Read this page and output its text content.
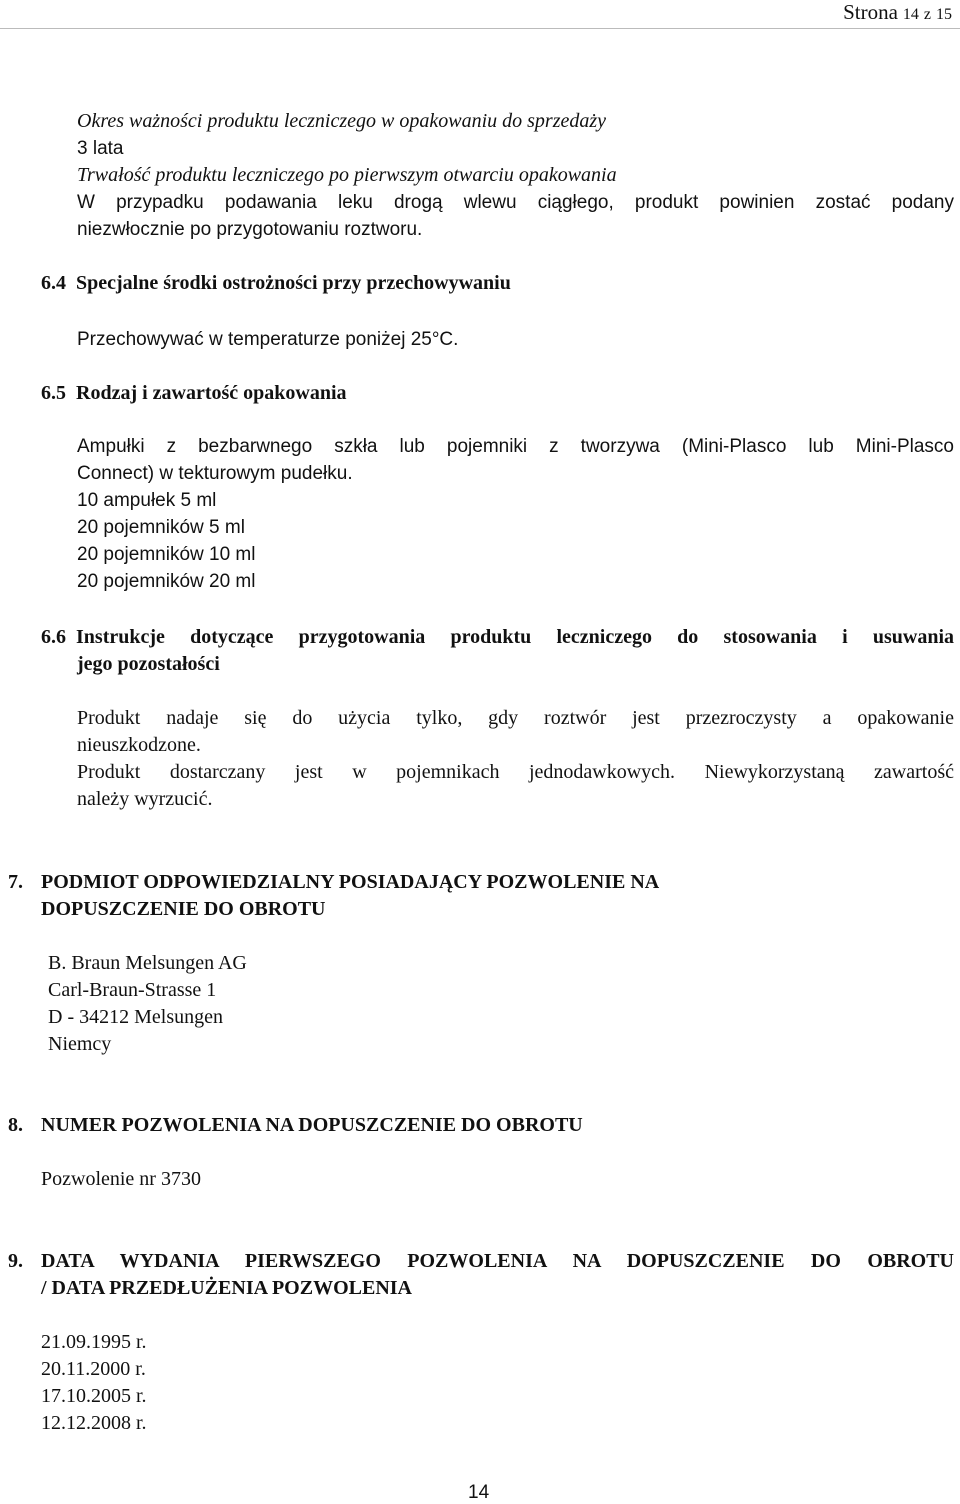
Strona 14 z 15
Okres ważności produktu leczniczego w opakowaniu do sprzedaży
3 lata
Trwałość produktu leczniczego po pierwszym otwarciu opakowania
W przypadku podawania leku drogą wlewu ciągłego, produkt powinien zostać podany
niezwłocznie po przygotowaniu roztworu.
6.4 Specjalne środki ostrożności przy przechowywaniu
Przechowywać w temperaturze poniżej 25°C.
6.5 Rodzaj i zawartość opakowania
Ampułki z bezbarwnego szkła lub pojemniki z tworzywa (Mini-Plasco lub Mini-Plasco
Connect) w tekturowym pudełku.
10 ampułek 5 ml
20 pojemników 5 ml
20 pojemników 10 ml
20 pojemników 20 ml
6.6 Instrukcje dotyczące przygotowania produktu leczniczego do stosowania i usuwania
jego pozostałości
Produkt nadaje się do użycia tylko, gdy roztwór jest przezroczysty a opakowanie
nieuszkodzone.
Produkt dostarczany jest w pojemnikach jednodawkowych. Niewykorzystaną zawartość
należy wyrzucić.
7. PODMIOT ODPOWIEDZIALNY POSIADAJĄCY POZWOLENIE NA
DOPUSZCZENIE DO OBROTU
B. Braun Melsungen AG
Carl-Braun-Strasse 1
D - 34212 Melsungen
Niemcy
8. NUMER POZWOLENIA NA DOPUSZCZENIE DO OBROTU
Pozwolenie nr 3730
9. DATA WYDANIA PIERWSZEGO POZWOLENIA NA DOPUSZCZENIE DO OBROTU
/ DATA PRZEDŁUŻENIA POZWOLENIA
21.09.1995 r.
20.11.2000 r.
17.10.2005 r.
12.12.2008 r.
14
